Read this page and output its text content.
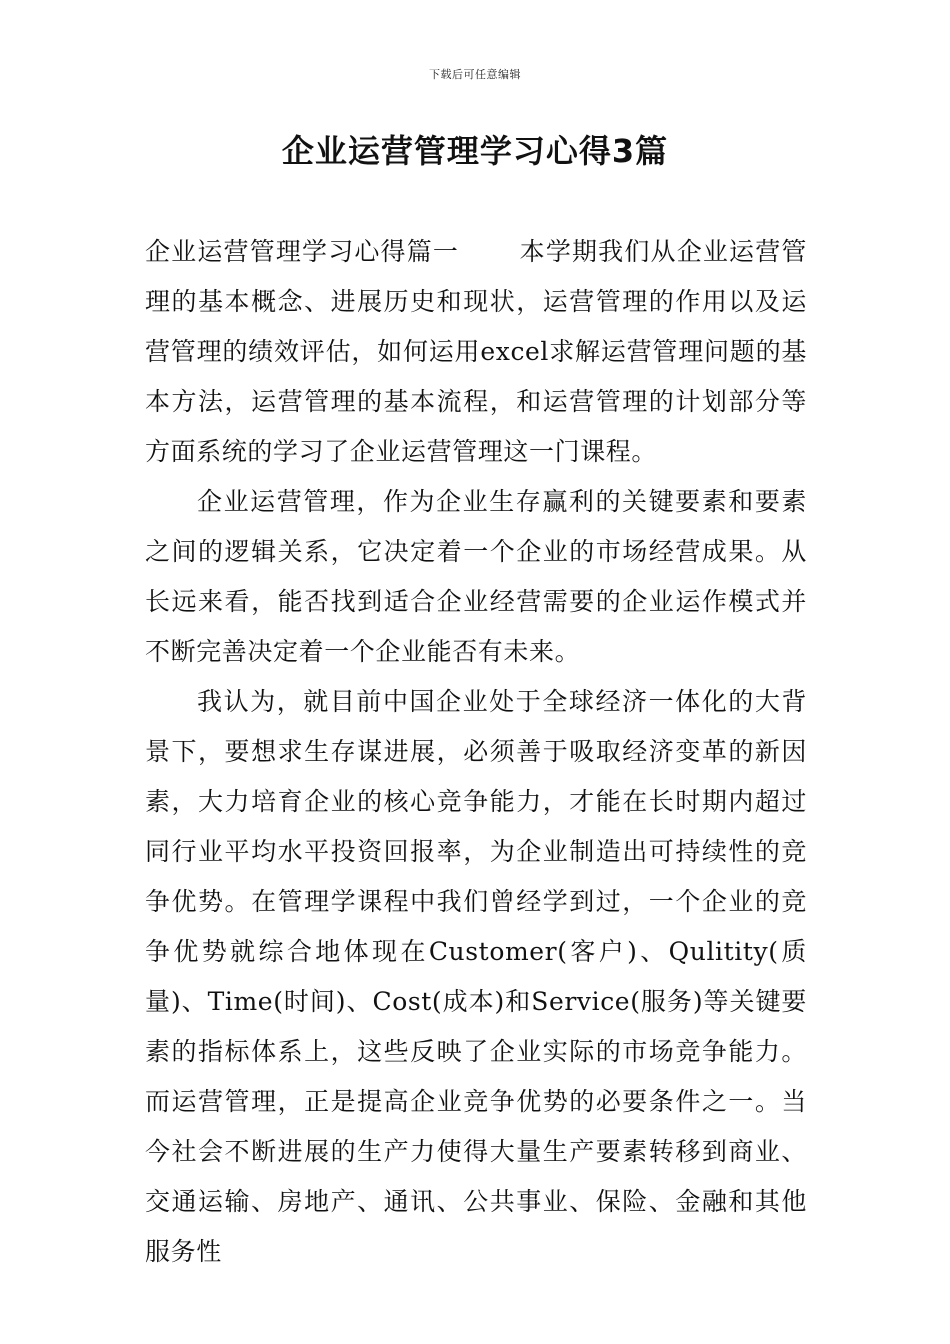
下载后可任意编辑
企业运营管理学习心得3篇

企业运营管理学习心得篇一 本学期我们从企业运营管理的基本概念、进展历史和现状，运营管理的作用以及运营管理的绩效评估，如何运用excel求解运营管理问题的基本方法，运营管理的基本流程，和运营管理的计划部分等方面系统的学习了企业运营管理这一门课程。

企业运营管理，作为企业生存赢利的关键要素和要素之间的逻辑关系，它决定着一个企业的市场经营成果。从长远来看，能否找到适合企业经营需要的企业运作模式并不断完善决定着一个企业能否有未来。

我认为，就目前中国企业处于全球经济一体化的大背景下，要想求生存谋进展，必须善于吸取经济变革的新因素，大力培育企业的核心竞争能力，才能在长时期内超过同行业平均水平投资回报率，为企业制造出可持续性的竞争优势。在管理学课程中我们曾经学到过，一个企业的竞争优势就综合地体现在Customer(客户)、Qulitity(质量)、Time(时间)、Cost(成本)和Service(服务)等关键要素的指标体系上，这些反映了企业实际的市场竞争能力。而运营管理，正是提高企业竞争优势的必要条件之一。当今社会不断进展的生产力使得大量生产要素转移到商业、交通运输、房地产、通讯、公共事业、保险、金融和其他服务性
